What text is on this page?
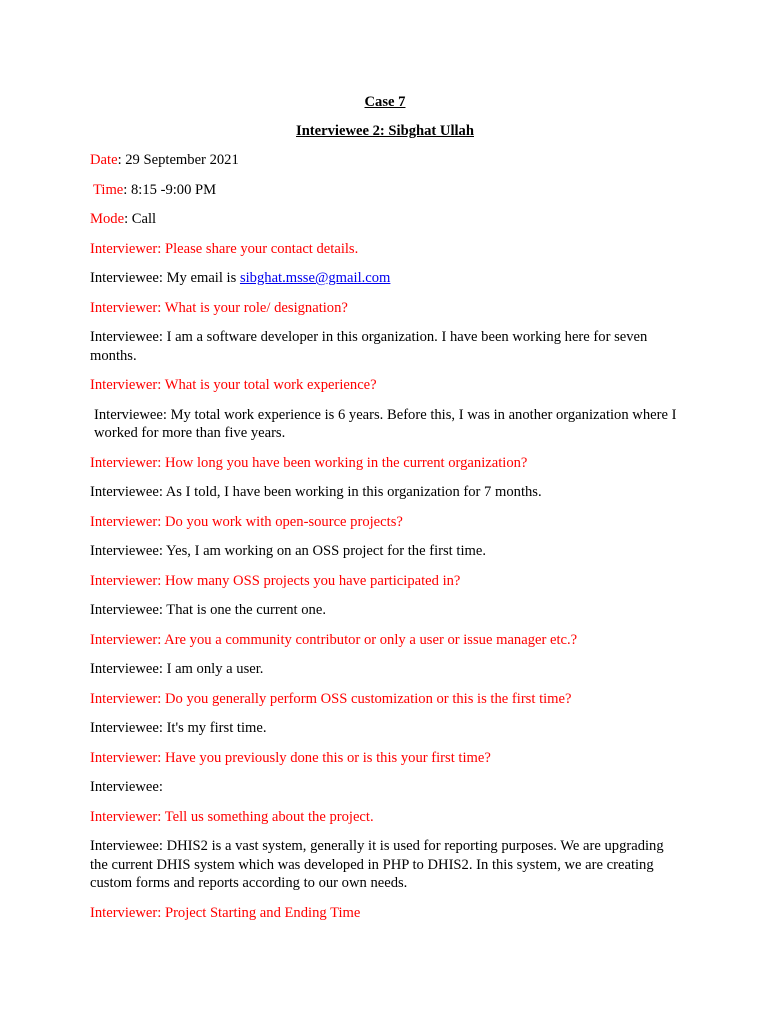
Case 7
Interviewee 2: Sibghat Ullah
Date: 29 September 2021
Time: 8:15 -9:00 PM
Mode: Call
Interviewer: Please share your contact details.
Interviewee: My email is sibghat.msse@gmail.com
Interviewer: What is your role/ designation?
Interviewee: I am a software developer in this organization. I have been working here for seven months.
Interviewer: What is your total work experience?
Interviewee: My total work experience is 6 years. Before this, I was in another organization where I worked for more than five years.
Interviewer: How long you have been working in the current organization?
Interviewee: As I told, I have been working in this organization for 7 months.
Interviewer: Do you work with open-source projects?
Interviewee: Yes, I am working on an OSS project for the first time.
Interviewer: How many OSS projects you have participated in?
Interviewee: That is one the current one.
Interviewer: Are you a community contributor or only a user or issue manager etc.?
Interviewee: I am only a user.
Interviewer: Do you generally perform OSS customization or this is the first time?
Interviewee: It's my first time.
Interviewer: Have you previously done this or is this your first time?
Interviewee:
Interviewer: Tell us something about the project.
Interviewee: DHIS2 is a vast system, generally it is used for reporting purposes. We are upgrading the current DHIS system which was developed in PHP to DHIS2. In this system, we are creating custom forms and reports according to our own needs.
Interviewer: Project Starting and Ending Time
